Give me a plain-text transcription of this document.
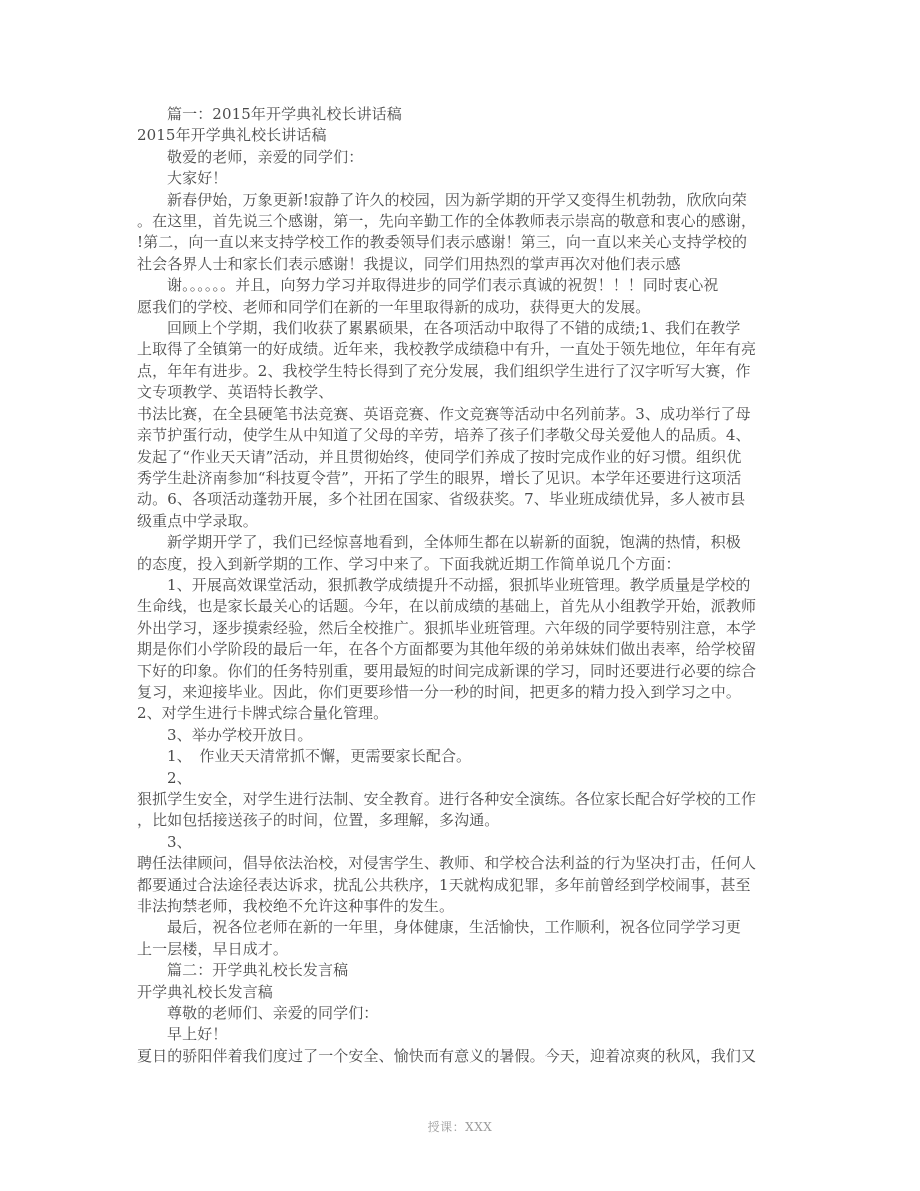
篇一：2015年开学典礼校长讲话稿

2015年开学典礼校长讲话稿

敬爱的老师，亲爱的同学们：

大家好！

新春伊始，万象更新!寂静了许久的校园，因为新学期的开学又变得生机勃勃，欣欣向荣

。在这里，首先说三个感谢，第一，先向辛勤工作的全体教师表示崇高的敬意和衷心的感谢，

!第二，向一直以来支持学校工作的教委领导们表示感谢！第三，向一直以来关心支持学校的

社会各界人士和家长们表示感谢！我提议，同学们用热烈的掌声再次对他们表示感

谢。。。。。。并且，向努力学习并取得进步的同学们表示真诚的祝贺！！！同时衷心祝

愿我们的学校、老师和同学们在新的一年里取得新的成功，获得更大的发展。

回顾上个学期，我们收获了累累硕果，在各项活动中取得了不错的成绩;1、我们在教学

上取得了全镇第一的好成绩。近年来，我校教学成绩稳中有升，一直处于领先地位，年年有亮

点，年年有进步。2、我校学生特长得到了充分发展，我们组织学生进行了汉字听写大赛，作

文专项教学、英语特长教学、

书法比赛，在全县硬笔书法竞赛、英语竞赛、作文竞赛等活动中名列前茅。3、成功举行了母

亲节护蛋行动，使学生从中知道了父母的辛劳，培养了孩子们孝敬父母关爱他人的品质。4、

发起了“作业天天请”活动，并且贯彻始终，使同学们养成了按时完成作业的好习惯。组织优

秀学生赴济南参加“科技夏令营”，开拓了学生的眼界，增长了见识。本学年还要进行这项活

动。6、各项活动蓬勃开展，多个社团在国家、省级获奖。7、毕业班成绩优异，多人被市县

级重点中学录取。

新学期开学了，我们已经惊喜地看到，全体师生都在以崭新的面貌，饱满的热情，积极

的态度，投入到新学期的工作、学习中来了。下面我就近期工作简单说几个方面：

1、开展高效课堂活动，狠抓教学成绩提升不动摇，狠抓毕业班管理。教学质量是学校的

生命线，也是家长最关心的话题。今年，在以前成绩的基础上，首先从小组教学开始，派教师

外出学习，逐步摸索经验，然后全校推广。狠抓毕业班管理。六年级的同学要特别注意，本学

期是你们小学阶段的最后一年，在各个方面都要为其他年级的弟弟妹妹们做出表率，给学校留

下好的印象。你们的任务特别重，要用最短的时间完成新课的学习，同时还要进行必要的综合

复习，来迎接毕业。因此，你们更要珍惜一分一秒的时间，把更多的精力投入到学习之中。

2、对学生进行卡牌式综合量化管理。

3、举办学校开放日。

1、　作业天天清常抓不懈，更需要家长配合。

2、

狠抓学生安全，对学生进行法制、安全教育。进行各种安全演练。各位家长配合好学校的工作

，比如包括接送孩子的时间，位置，多理解，多沟通。

3、

聘任法律顾问，倡导依法治校，对侵害学生、教师、和学校合法利益的行为坚决打击，任何人

都要通过合法途径表达诉求，扰乱公共秩序，1天就构成犯罪，多年前曾经到学校闹事，甚至

非法拘禁老师，我校绝不允许这种事件的发生。

最后，祝各位老师在新的一年里，身体健康，生活愉快，工作顺利，祝各位同学学习更

上一层楼，早日成才。

篇二：开学典礼校长发言稿

开学典礼校长发言稿

尊敬的老师们、亲爱的同学们：

早上好！

夏日的骄阳伴着我们度过了一个安全、愉快而有意义的暑假。今天，迎着凉爽的秋风，我们又

授课：XXX
